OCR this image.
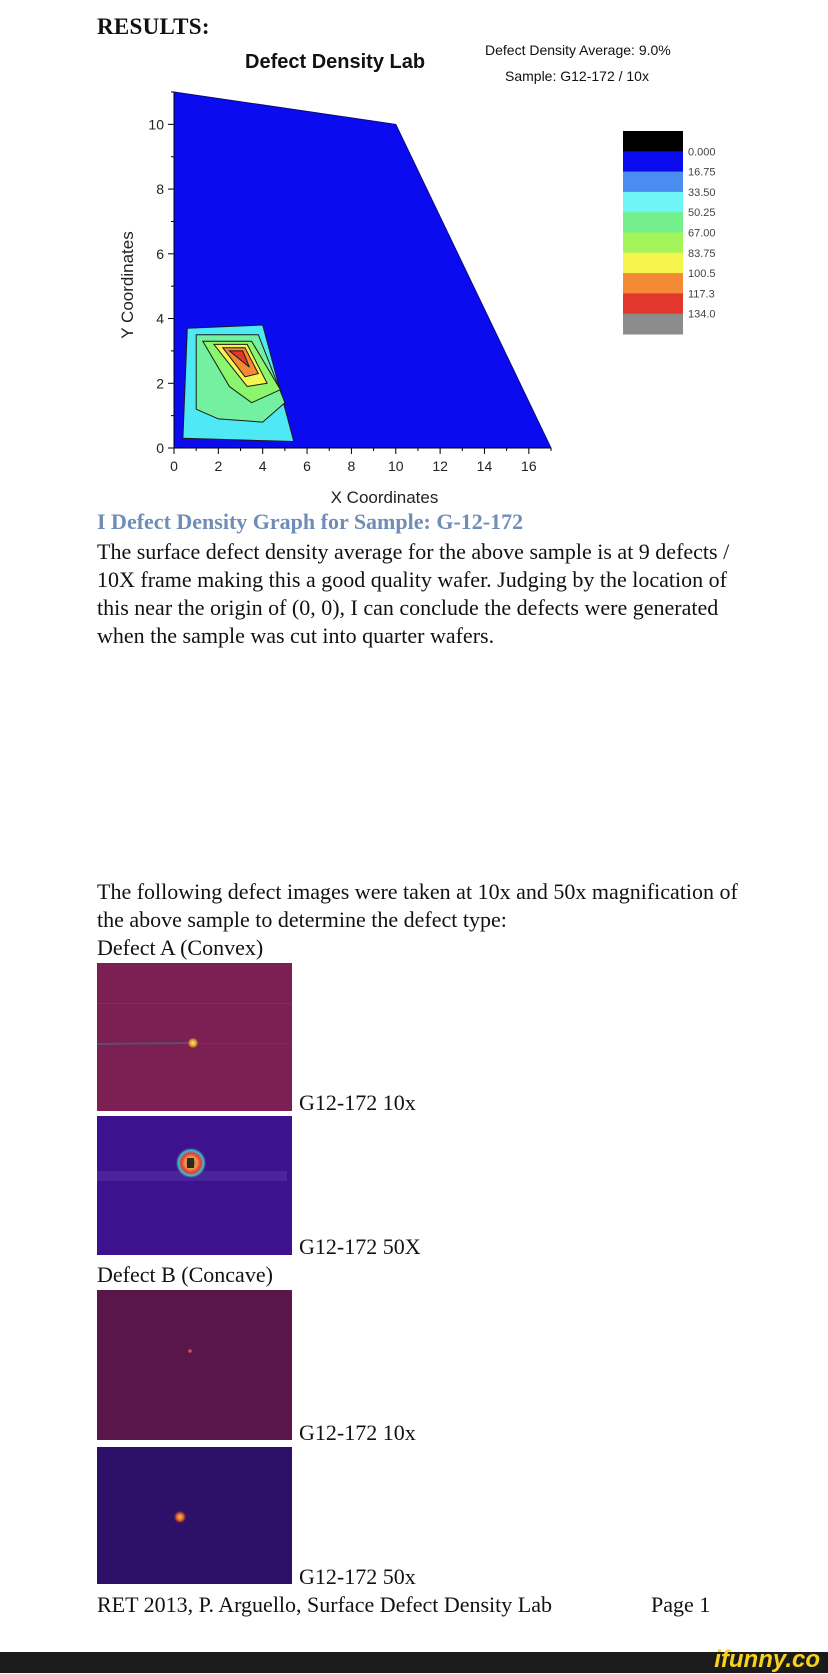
RESULTS:
Defect Density Lab
Defect Density Average: 9.0%
Sample: G12-172 / 10x
0	2	4	6	8 10 12 14 16
0
2
4
6
8
10
X Coordinates
Y Coordinates
0.000
16.75
33.50
50.25
67.00
83.75
100.5
117.3
134.0
I Defect Density Graph for Sample: G-12-172
The surface defect density average for the above sample is at 9 defects / 10X frame making this a good quality wafer. Judging by the location of this near the origin of (0, 0), I can conclude the defects were generated when the sample was cut into quarter wafers.
The following defect images were taken at 10x and 50x magnification of the above sample to determine the defect type:
Defect A (Convex)
G12-172 10x
G12-172 50X
Defect B (Concave)
G12-172 10x
G12-172 50x
RET 2013, P. Arguello, Surface Defect Density Lab	Page 1
ifunny.co
